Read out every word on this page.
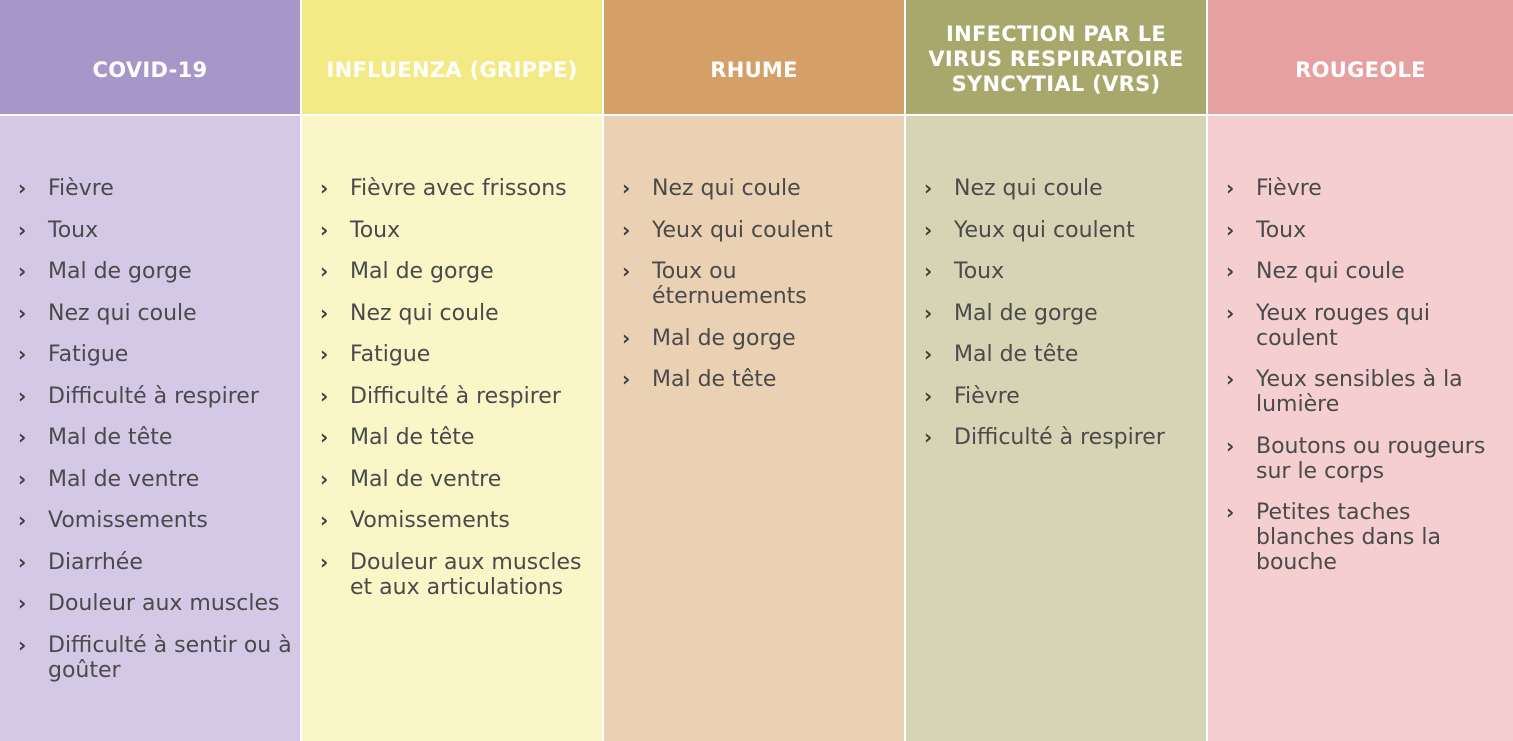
COVID-19
› Fièvre
› Toux
› Mal de gorge
› Nez qui coule
› Fatigue
› Difficulté à respirer
› Mal de tête
› Mal de ventre
› Vomissements
› Diarrhée
› Douleur aux muscles
› Difficulté à sentir ou à goûter
INFLUENZA (GRIPPE)
› Fièvre avec frissons
› Toux
› Mal de gorge
› Nez qui coule
› Fatigue
› Difficulté à respirer
› Mal de tête
› Mal de ventre
› Vomissements
› Douleur aux muscles et aux articulations
RHUME
› Nez qui coule
› Yeux qui coulent
› Toux ou éternuements
› Mal de gorge
› Mal de tête
INFECTION PAR LE
VIRUS RESPIRATOIRE
SYNCYTIAL (VRS)
› Nez qui coule
› Yeux qui coulent
› Toux
› Mal de gorge
› Mal de tête
› Fièvre
› Difficulté à respirer
ROUGEOLE
› Fièvre
› Toux
› Nez qui coule
› Yeux rouges qui coulent
› Yeux sensibles à la lumière
› Boutons ou rougeurs sur le corps
› Petites taches blanches dans la bouche
